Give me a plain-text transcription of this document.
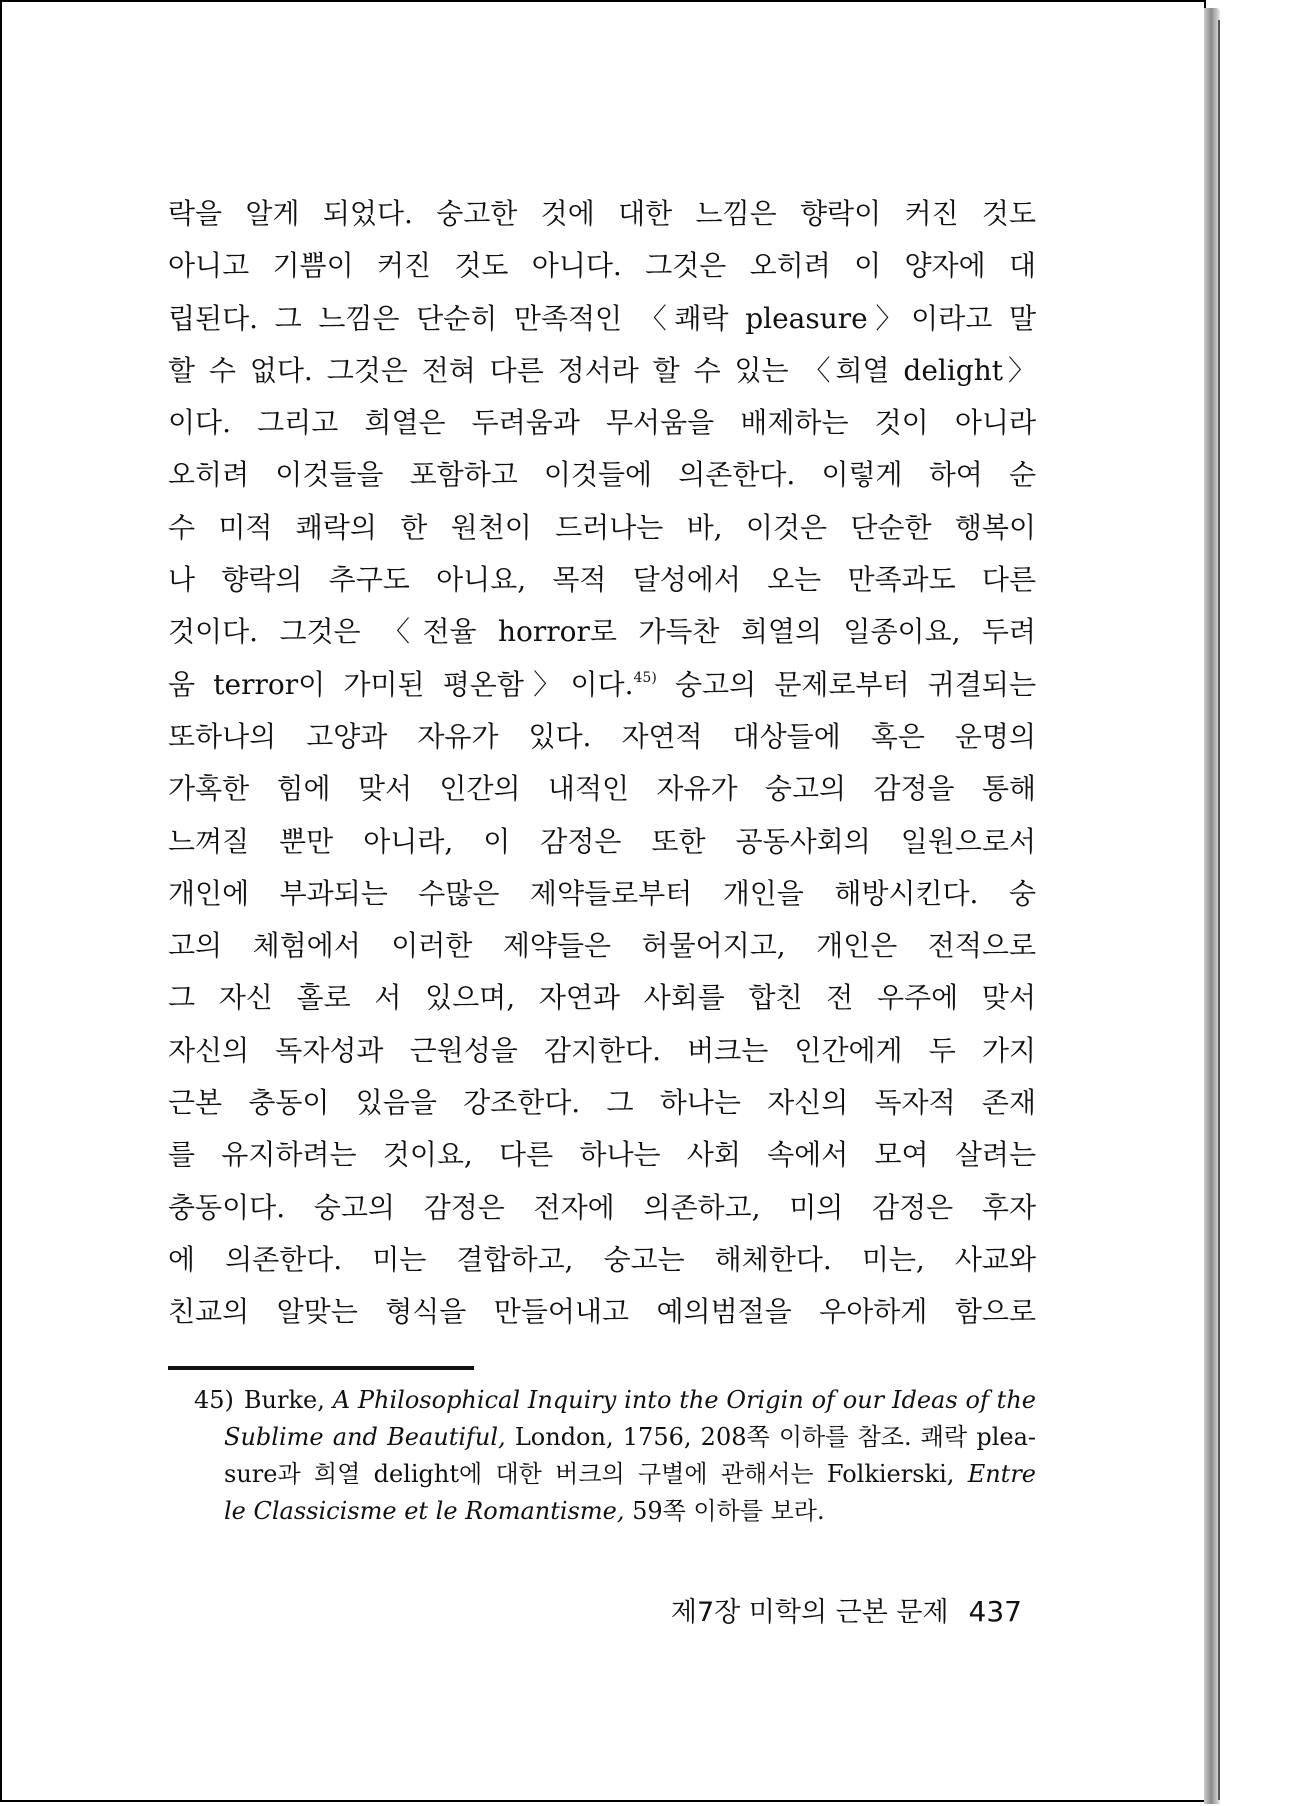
락을 알게 되었다. 숭고한 것에 대한 느낌은 향락이 커진 것도
아니고 기쁨이 커진 것도 아니다. 그것은 오히려 이 양자에 대
립된다. 그 느낌은 단순히 만족적인 〈쾌락 pleasure〉이라고 말
할 수 없다. 그것은 전혀 다른 정서라 할 수 있는 〈희열 delight〉
이다. 그리고 희열은 두려움과 무서움을 배제하는 것이 아니라
오히려 이것들을 포함하고 이것들에 의존한다. 이렇게 하여 순
수 미적 쾌락의 한 원천이 드러나는 바, 이것은 단순한 행복이
나 향락의 추구도 아니요, 목적 달성에서 오는 만족과도 다른
것이다. 그것은 〈전율 horror로 가득찬 희열의 일종이요, 두려
움 terror이 가미된 평온함〉이다.$^{45)}$ 숭고의 문제로부터 귀결되는
또하나의 고양과 자유가 있다. 자연적 대상들에 혹은 운명의
가혹한 힘에 맞서 인간의 내적인 자유가 숭고의 감정을 통해
느껴질 뿐만 아니라, 이 감정은 또한 공동사회의 일원으로서
개인에 부과되는 수많은 제약들로부터 개인을 해방시킨다. 숭
고의 체험에서 이러한 제약들은 허물어지고, 개인은 전적으로
그 자신 홀로 서 있으며, 자연과 사회를 합친 전 우주에 맞서
자신의 독자성과 근원성을 감지한다. 버크는 인간에게 두 가지
근본 충동이 있음을 강조한다. 그 하나는 자신의 독자적 존재
를 유지하려는 것이요, 다른 하나는 사회 속에서 모여 살려는
충동이다. 숭고의 감정은 전자에 의존하고, 미의 감정은 후자
에 의존한다. 미는 결합하고, 숭고는 해체한다. 미는, 사교와
친교의 알맞는 형식을 만들어내고 예의범절을 우아하게 함으로
45) Burke, A Philosophical Inquiry into the Origin of our Ideas of the
Sublime and Beautiful, London, 1756, 208쪽 이하를 참조. 쾌락 plea-
sure과 희열 delight에 대한 버크의 구별에 관해서는 Folkierski, Entre
le Classicisme et le Romantisme, 59쪽 이하를 보라.
제7장 미학의 근본 문제 437
